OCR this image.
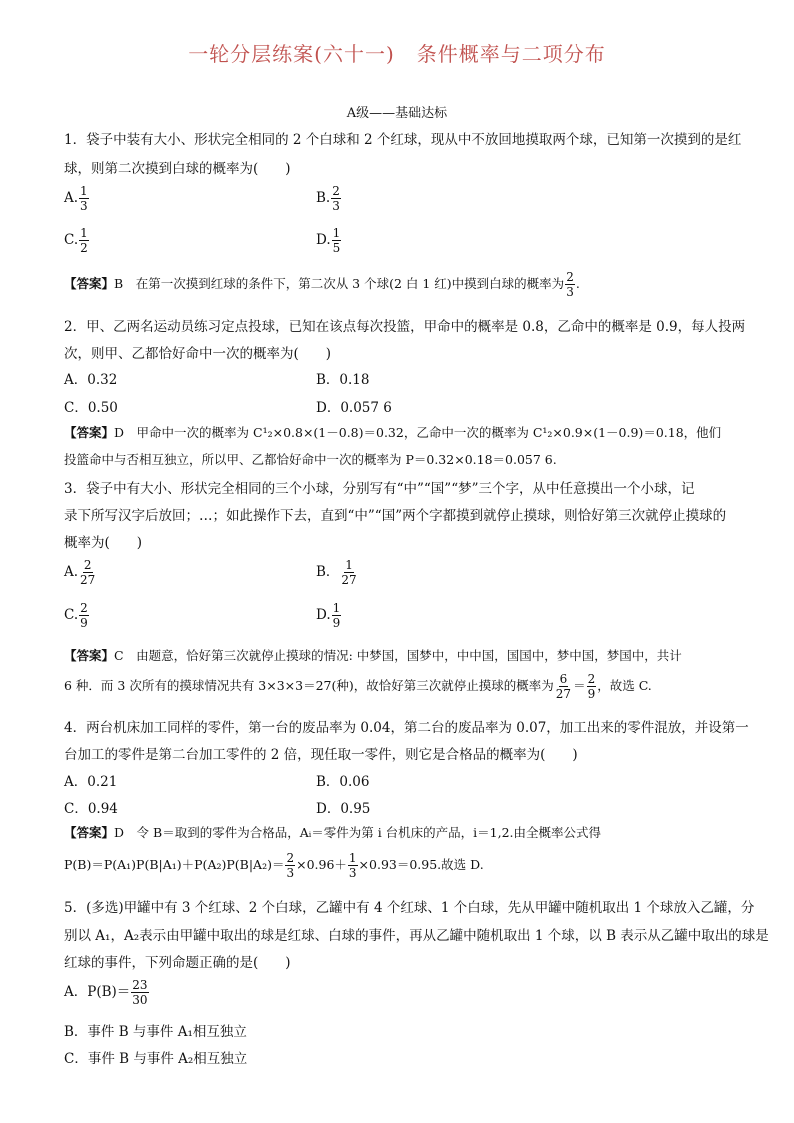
一轮分层练案(六十一) 条件概率与二项分布
A级——基础达标
1．袋子中装有大小、形状完全相同的 2 个白球和 2 个红球，现从中不放回地摸取两个球，已知第一次摸到的是红
球，则第二次摸到白球的概率为(　　)
A. $\frac{1}{3}$	B. $\frac{2}{3}$
C. $\frac{1}{2}$	D. $\frac{1}{5}$
【答案】B　在第一次摸到红球的条件下，第二次从 3 个球(2 白 1 红)中摸到白球的概率为 $\frac{2}{3}$ .
2．甲、乙两名运动员练习定点投球，已知在该点每次投篮，甲命中的概率是 0.8，乙命中的概率是 0.9，每人投两
次，则甲、乙都恰好命中一次的概率为(　　)
A．0.32	B．0.18
C．0.50	D．0.057 6
【答案】D　甲命中一次的概率为 C¹₂×0.8×(1－0.8)＝0.32，乙命中一次的概率为 C¹₂×0.9×(1－0.9)＝0.18，他们
投篮命中与否相互独立，所以甲、乙都恰好命中一次的概率为 P＝0.32×0.18＝0.057 6.
3．袋子中有大小、形状完全相同的三个小球，分别写有“中”“国”“梦”三个字，从中任意摸出一个小球，记
录下所写汉字后放回；…；如此操作下去，直到“中”“国”两个字都摸到就停止摸球，则恰好第三次就停止摸球的
概率为(　　)
A. $\frac{2}{27}$	B． $\frac{1}{27}$
C. $\frac{2}{9}$	D. $\frac{1}{9}$
【答案】C　由题意，恰好第三次就停止摸球的情况: 中梦国，国梦中，中中国，国国中，梦中国，梦国中，共计
6 种．而 3 次所有的摸球情况共有 3×3×3＝27(种)，故恰好第三次就停止摸球的概率为 $\frac{6}{27} = \frac{2}{9}$ ，故选 C.
4．两台机床加工同样的零件，第一台的废品率为 0.04，第二台的废品率为 0.07，加工出来的零件混放，并设第一
台加工的零件是第二台加工零件的 2 倍，现任取一零件，则它是合格品的概率为(　　)
A．0.21	B．0.06
C．0.94	D．0.95
【答案】D　令 B＝取到的零件为合格品，Aᵢ＝零件为第 i 台机床的产品，i＝1,2.由全概率公式得
$P(B)=P(A_1)P(B|A_1)+P(A_2)P(B|A_2)= \frac{2}{3} \times 0.96+ \frac{1}{3} \times 0.93=0.95$.故选 D.
5．(多选)甲罐中有 3 个红球、2 个白球，乙罐中有 4 个红球、1 个白球，先从甲罐中随机取出 1 个球放入乙罐，分
别以 A₁，A₂表示由甲罐中取出的球是红球、白球的事件，再从乙罐中随机取出 1 个球，以 B 表示从乙罐中取出的球是
红球的事件，下列命题正确的是(　　)
A．$P(B)= \frac{23}{30}$
B．事件 B 与事件 A₁相互独立
C．事件 B 与事件 A₂相互独立
